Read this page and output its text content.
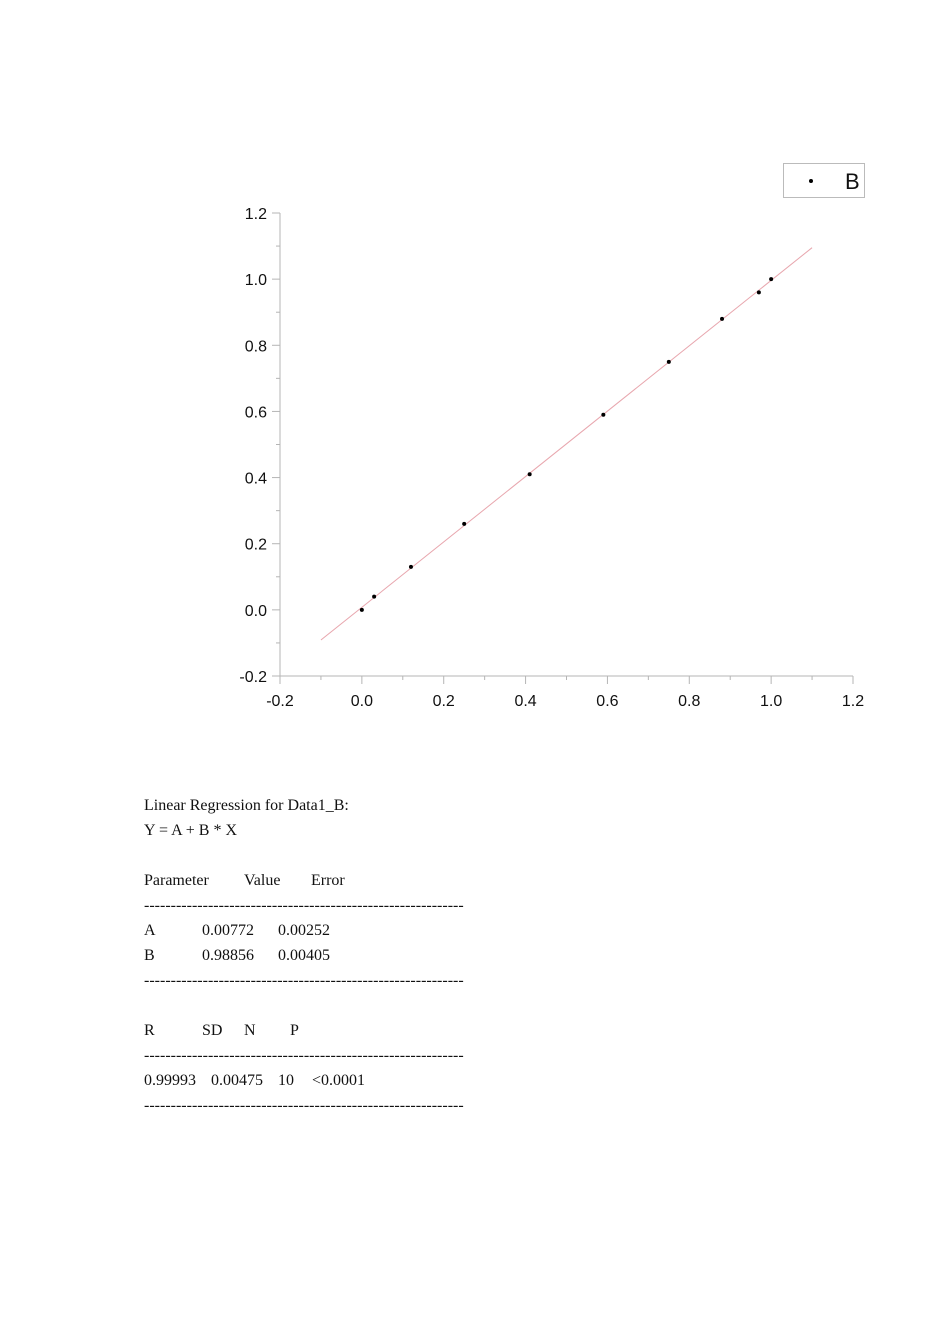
-0.2	0.0	0.2	0.4	0.6	0.8	1.0	1.2
-0.2
0.0
0.2
0.4
0.6
0.8
1.0
1.2
B
Linear Regression for Data1_B:
Y = A + B * X
Parameter Value Error
------------------------------------------------------------
A	0.00772 0.00252
B	0.98856 0.00405
------------------------------------------------------------
R	SD N P
------------------------------------------------------------
0.99993 0.00475 10 <0.0001
------------------------------------------------------------
